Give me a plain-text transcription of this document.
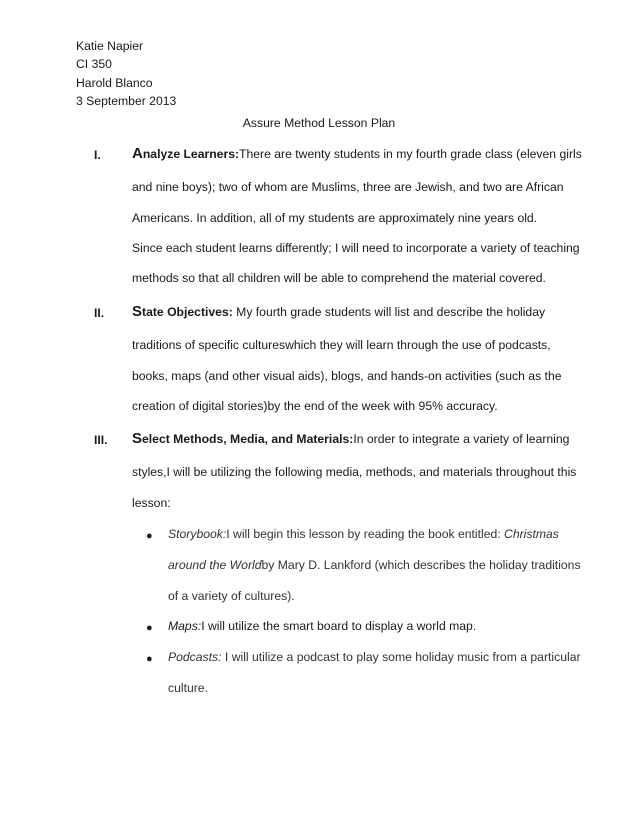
Katie Napier
CI 350
Harold Blanco
3 September 2013
Assure Method Lesson Plan
I. Analyze Learners:There are twenty students in my fourth grade class (eleven girls
and nine boys); two of whom are Muslims, three are Jewish, and two are African
Americans. In addition, all of my students are approximately nine years old.
Since each student learns differently; I will need to incorporate a variety of teaching
methods so that all children will be able to comprehend the material covered.
II. State Objectives: My fourth grade students will list and describe the holiday
traditions of specific cultureswhich they will learn through the use of podcasts,
books, maps (and other visual aids), blogs, and hands-on activities (such as the
creation of digital stories)by the end of the week with 95% accuracy.
III. Select Methods, Media, and Materials:In order to integrate a variety of learning
styles,I will be utilizing the following media, methods, and materials throughout this
lesson:
● Storybook:I will begin this lesson by reading the book entitled: Christmas
around the Worldby Mary D. Lankford (which describes the holiday traditions
of a variety of cultures).
● Maps:I will utilize the smart board to display a world map.
● Podcasts: I will utilize a podcast to play some holiday music from a particular
culture.
